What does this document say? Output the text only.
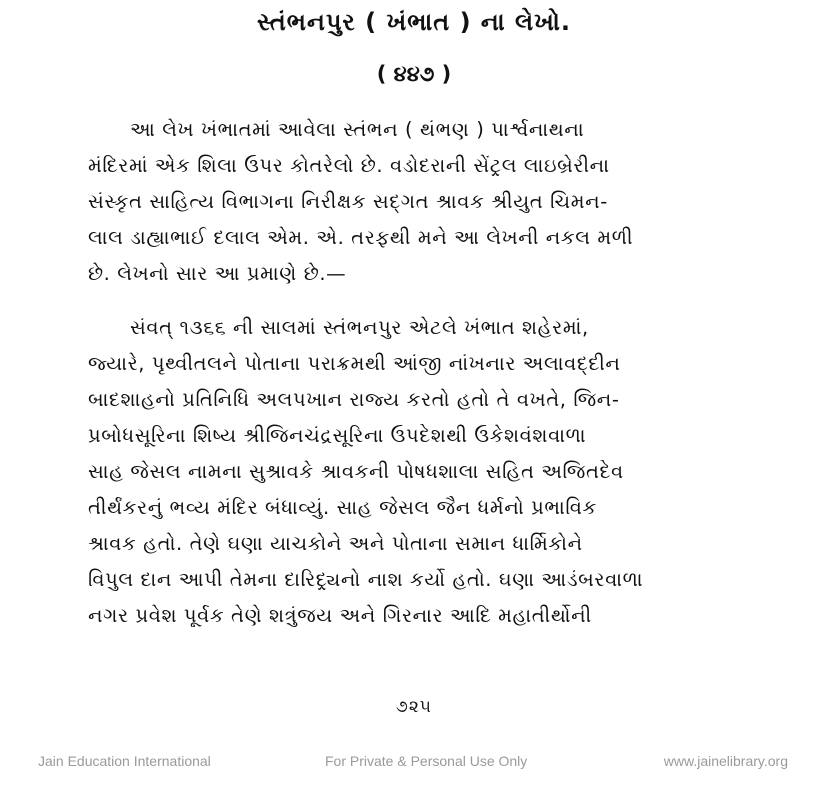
સ્તંભનપુર ( ખંભાત ) ના લેખો.
( ૪૪૭ )
આ લેખ ખંભાતમાં આવેલા સ્તંભન ( થંભણ ) પાર્શ્વનાથના
મંદિરમાં એક શિલા ઉપર કોતરેલો છે. વડોદરાની સેંટ્રલ લાઇબ્રેરીના
સંસ્કૃત સાહિત્ય વિભાગના નિરીક્ષક સદ્ગત શ્રાવક શ્રીયુત ચિમન-
લાલ ડાહ્યાભાઈ દલાલ એમ. એ. તરફથી મને આ લેખની નકલ મળી
છે. લેખનો સાર આ પ્રમાણે છે.—
સંવત્ ૧૩૬૬ ની સાલમાં સ્તંભનપુર એટલે ખંભાત શહેરમાં,
જ્યારે, પૃથ્વીતલને પોતાના પરાક્રમથી આંજી નાંખનાર અલાવદ્દીન
બાદશાહનો પ્રતિનિધિ અલપખાન રાજ્ય કરતો હતો તે વખતે, જિન-
પ્રબોધસૂરિના શિષ્ય શ્રીજિનચંદ્રસૂરિના ઉપદેશથી ઉકેશવંશવાળા
સાહ જેસલ નામના સુશ્રાવકે શ્રાવકની પોષધશાલા સહિત અજિતદેવ
તીર્થંકરનું ભવ્ય મંદિર બંધાવ્યું. સાહ જેસલ જૈન ધર્મનો પ્રભાવિક
શ્રાવક હતો. તેણે ઘણા યાચકોને અને પોતાના સમાન ધાર્મિકોને
વિપુલ દાન આપી તેમના દારિદ્ર્યનો નાશ કર્યો હતો. ઘણા આડંબરવાળા
નગર પ્રવેશ પૂર્વક તેણે શત્રુંજય અને ગિરનાર આદિ મહાતીર્થોની
૭૨૫
Jain Education International	For Private & Personal Use Only	www.jainelibrary.org
